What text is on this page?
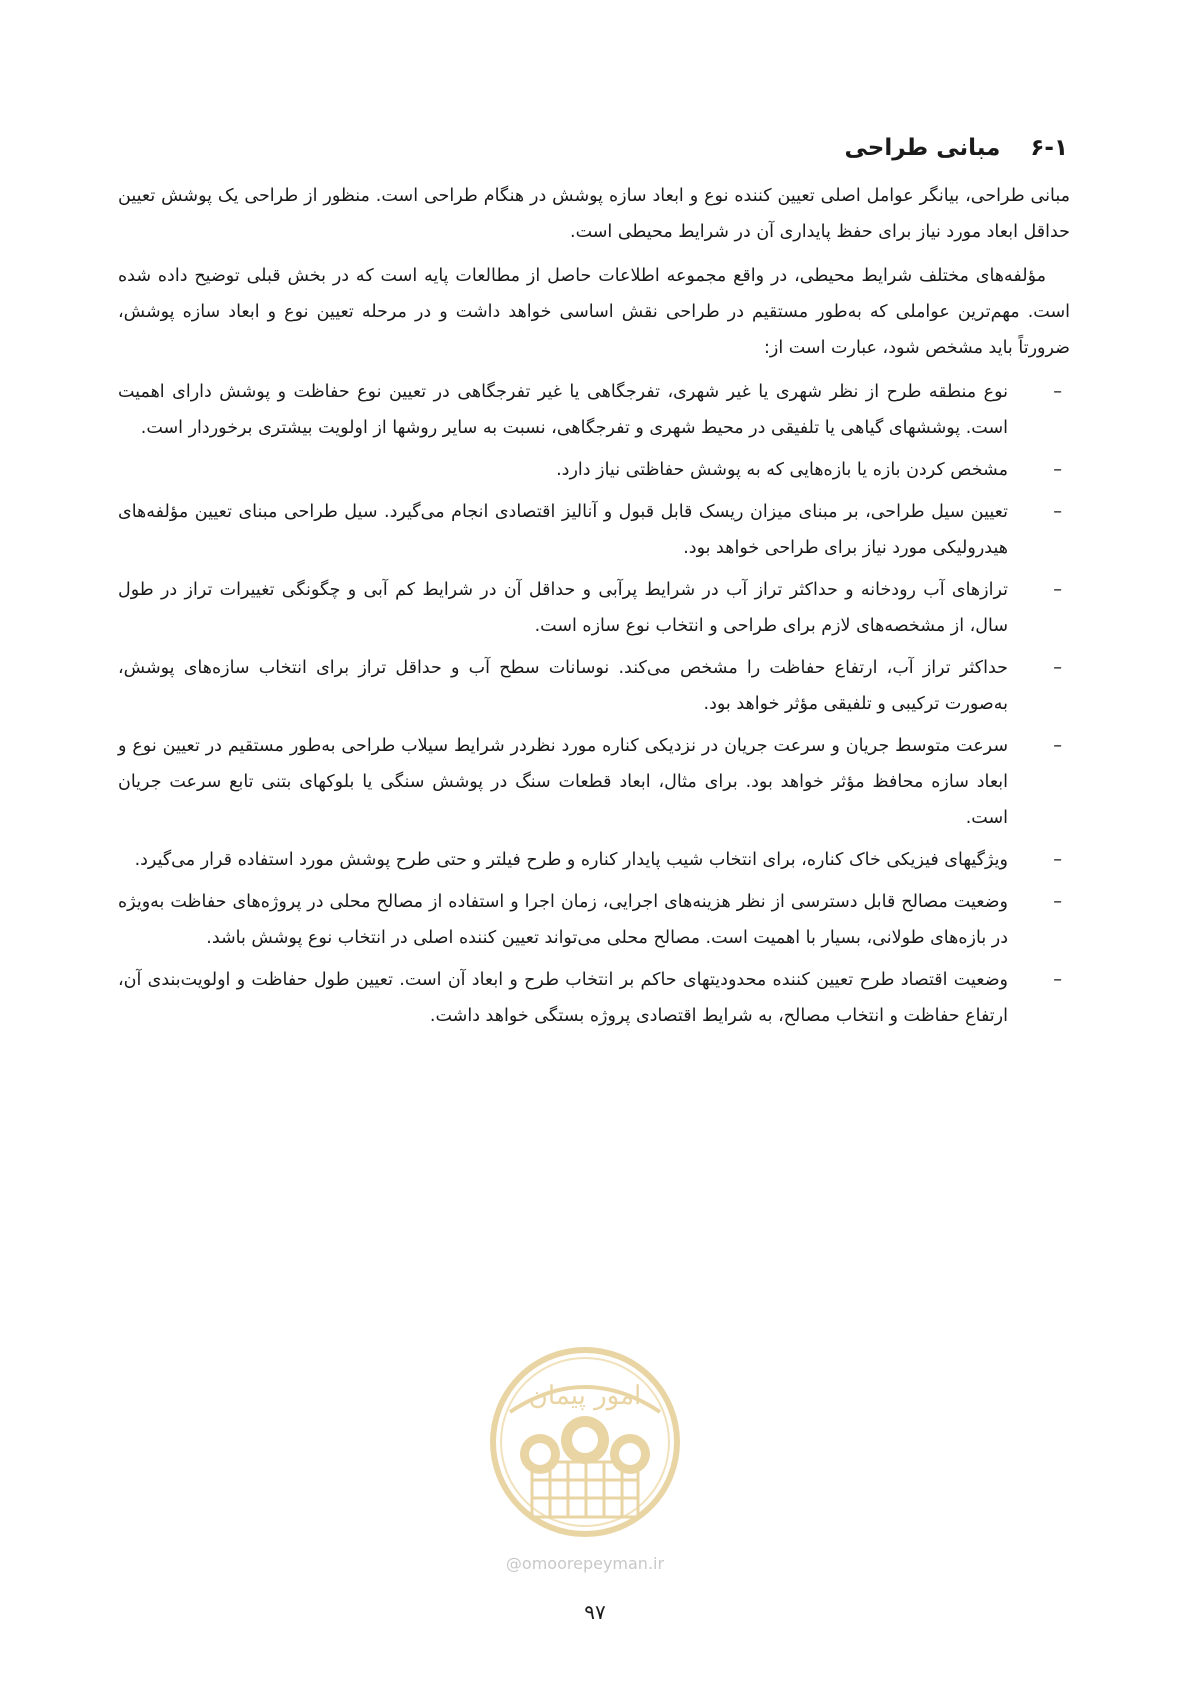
۶-۱
مبانی طراحی

مبانی طراحی، بیانگر عوامل اصلی تعیین کننده نوع و ابعاد سازه پوشش در هنگام طراحی است. منظور از طراحی یک پوشش تعیین حداقل ابعاد مورد نیاز برای حفظ پایداری آن در شرایط محیطی است.

مؤلفه‌های مختلف شرایط محیطی، در واقع مجموعه اطلاعات حاصل از مطالعات پایه است که در بخش قبلی توضیح داده شده است. مهم‌ترین عواملی که به‌طور مستقیم در طراحی نقش اساسی خواهد داشت و در مرحله تعیین نوع و ابعاد سازه پوشش، ضرورتاً باید مشخص شود، عبارت است از:

–
نوع منطقه طرح از نظر شهری یا غیر شهری، تفرجگاهی یا غیر تفرجگاهی در تعیین نوع حفاظت و پوشش دارای اهمیت است. پوششهای گیاهی یا تلفیقی در محیط شهری و تفرجگاهی، نسبت به سایر روشها از اولویت بیشتری برخوردار است.
–
مشخص کردن بازه یا بازه‌هایی که به پوشش حفاظتی نیاز دارد.
–
تعیین سیل طراحی، بر مبنای میزان ریسک قابل قبول و آنالیز اقتصادی انجام می‌گیرد. سیل طراحی مبنای تعیین مؤلفه‌های هیدرولیکی مورد نیاز برای طراحی خواهد بود.
–
ترازهای آب رودخانه و حداکثر تراز آب در شرایط پرآبی و حداقل آن در شرایط کم آبی و چگونگی تغییرات تراز در طول سال، از مشخصه‌های لازم برای طراحی و انتخاب نوع سازه است.
–
حداکثر تراز آب، ارتفاع حفاظت را مشخص می‌کند. نوسانات سطح آب و حداقل تراز برای انتخاب سازه‌های پوشش، به‌صورت ترکیبی و تلفیقی مؤثر خواهد بود.
–
سرعت متوسط جریان و سرعت جریان در نزدیکی کناره مورد نظردر شرایط سیلاب طراحی به‌طور مستقیم در تعیین نوع و ابعاد سازه محافظ مؤثر خواهد بود. برای مثال، ابعاد قطعات سنگ در پوشش سنگی یا بلوکهای بتنی تابع سرعت جریان است.
–
ویژگیهای فیزیکی خاک کناره، برای انتخاب شیب پایدار کناره و طرح فیلتر و حتی طرح پوشش مورد استفاده قرار می‌گیرد.
–
وضعیت مصالح قابل دسترسی از نظر هزینه‌های اجرایی، زمان اجرا و استفاده از مصالح محلی در پروژه‌های حفاظت به‌ویژه در بازه‌های طولانی، بسیار با اهمیت است. مصالح محلی می‌تواند تعیین کننده اصلی در انتخاب نوع پوشش باشد.
–
وضعیت اقتصاد طرح تعیین کننده محدودیتهای حاکم بر انتخاب طرح و ابعاد آن است. تعیین طول حفاظت و اولویت‌بندی آن، ارتفاع حفاظت و انتخاب مصالح، به شرایط اقتصادی پروژه بستگی خواهد داشت.
امور پیمان
@omoorepeyman.ir
۹۷
